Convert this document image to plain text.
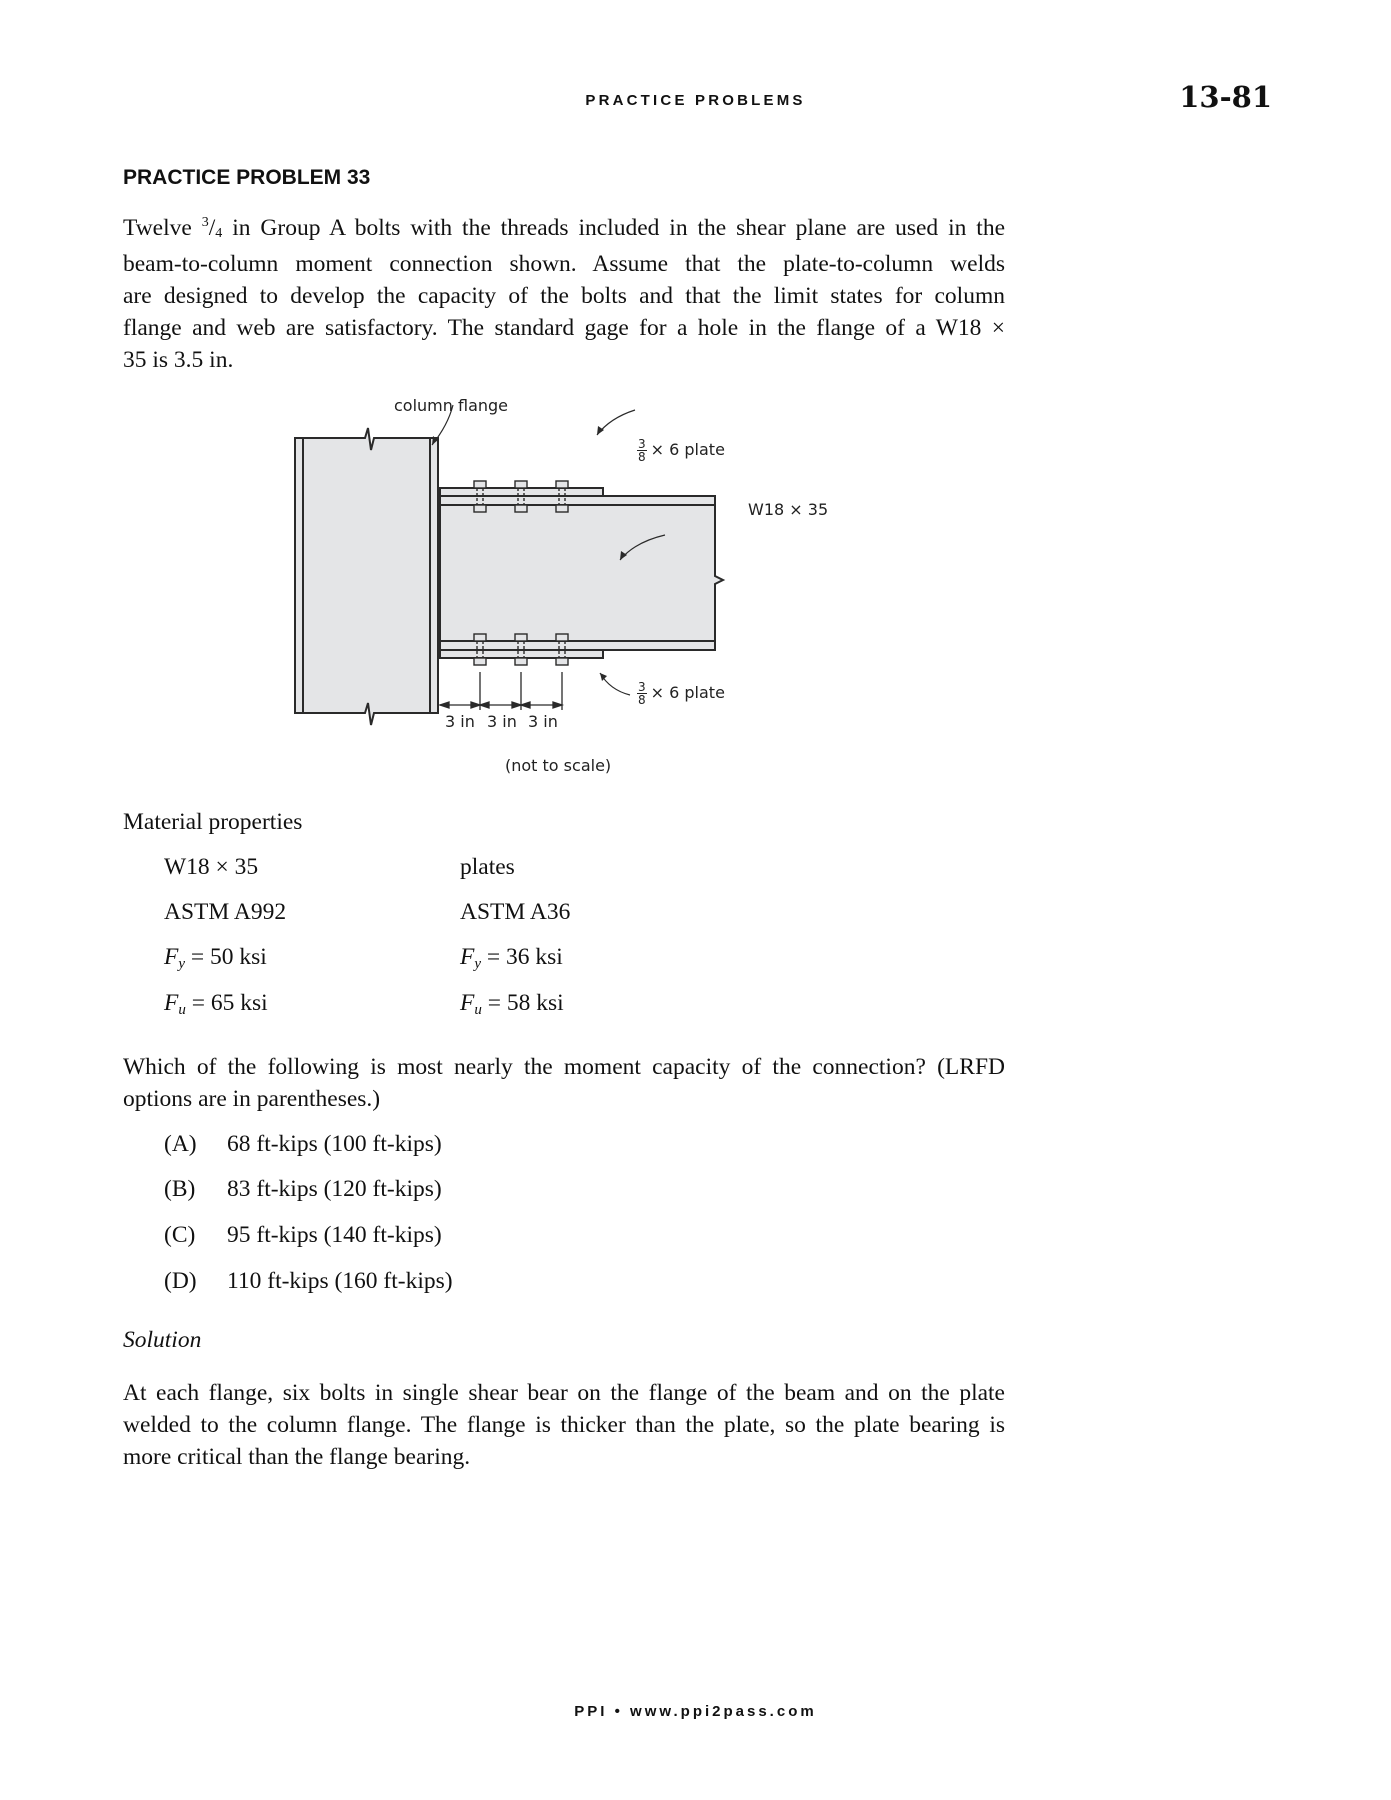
PRACTICE PROBLEMS	13-81
PRACTICE PROBLEM 33
Twelve $^3$/4 in Group A bolts with the threads included in the shear plane are used in the
beam-to-column moment connection shown. Assume that the plate-to-column welds
are designed to develop the capacity of the bolts and that the limit states for column
flange and web are satisfactory. The standard gage for a hole in the flange of a W18 ×
35 is 3.5 in.
column flange
$\frac{3}{8} \times 6$ plate
W18 × 35
$\frac{3}{8} \times 6$ plate
3 in 3 in 3 in
(not to scale)
Material properties
W18 × 35	plates
ASTM A992	ASTM A36
Fy = 50 ksi	Fy = 36 ksi
Fu = 65 ksi	Fu = 58 ksi
Which of the following is most nearly the moment capacity of the connection? (LRFD
options are in parentheses.)
(A) 68 ft-kips (100 ft-kips)
(B) 83 ft-kips (120 ft-kips)
(C) 95 ft-kips (140 ft-kips)
(D) 110 ft-kips (160 ft-kips)
Solution
At each flange, six bolts in single shear bear on the flange of the beam and on the plate
welded to the column flange. The flange is thicker than the plate, so the plate bearing is
more critical than the flange bearing.
PPI • www.ppi2pass.com
